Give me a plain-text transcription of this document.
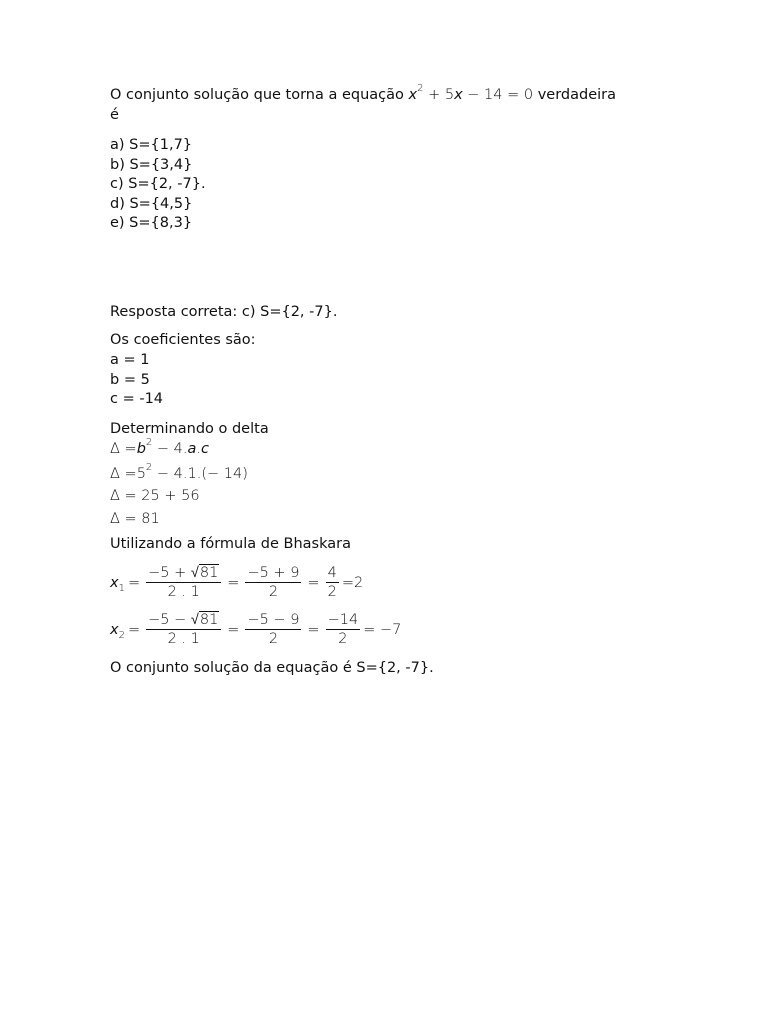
O conjunto solução que torna a equação $x^2 + 5x - 14 = 0$ verdadeira
é
a) S={1,7}
b) S={3,4}
c) S={2, -7}.
d) S={4,5}
e) S={8,3}
Resposta correta: c) S={2, -7}.
Os coeficientes são:
a = 1
b = 5
c = -14
Determinando o delta
∆ $=b^2 - 4.a.c$
∆ $=5^2 - 4.1.(- 14)$
∆ = 25 + 56
∆ = 81
Utilizando a fórmula de Bhaskara
$x_1 = \frac{-5 + √81}{2 . 1} = \frac{-5 + 9}{2} = \frac{4}{2} =2$
$x_2 = \frac{-5 - √81}{2 . 1} = \frac{-5 - 9}{2} = \frac{-14}{2} = -7$
O conjunto solução da equação é S={2, -7}.
